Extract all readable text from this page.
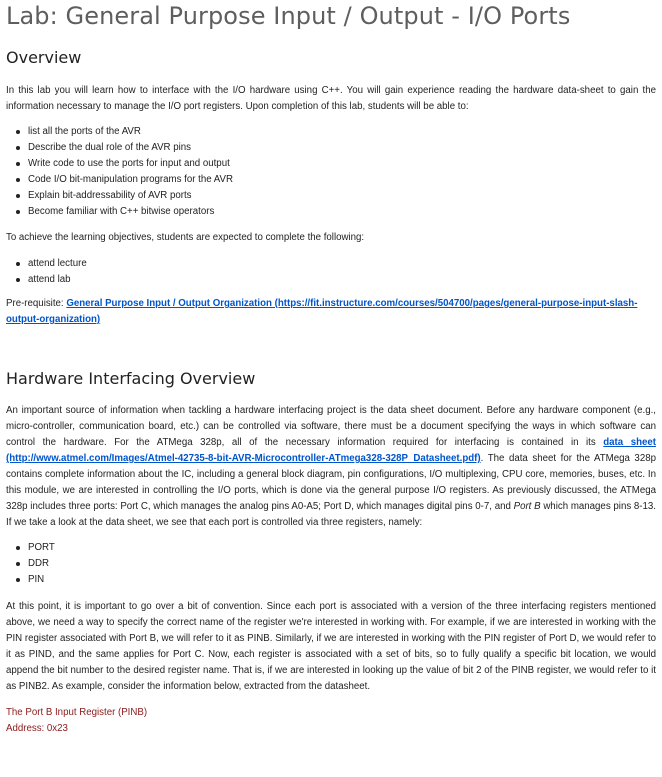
Lab: General Purpose Input / Output - I/O Ports
Overview

In this lab you will learn how to interface with the I/O hardware using C++. You will gain experience reading the hardware data-sheet to gain the information necessary to manage the I/O port registers. Upon completion of this lab, students will be able to:

list all the ports of the AVR
Describe the dual role of the AVR pins
Write code to use the ports for input and output
Code I/O bit-manipulation programs for the AVR
Explain bit-addressability of AVR ports
Become familiar with C++ bitwise operators

To achieve the learning objectives, students are expected to complete the following:

attend lecture
attend lab

Pre-requisite: General Purpose Input / Output Organization (https://fit.instructure.com/courses/504700/pages/general-purpose-input-slash-output-organization)

Hardware Interfacing Overview

An important source of information when tackling a hardware interfacing project is the data sheet document. Before any hardware component (e.g., micro-controller, communication board, etc.) can be controlled via software, there must be a document specifying the ways in which software can control the hardware. For the ATMega 328p, all of the necessary information required for interfacing is contained in its data sheet (http://www.atmel.com/Images/Atmel-42735-8-bit-AVR-Microcontroller-ATmega328-328P_Datasheet.pdf). The data sheet for the ATMega 328p contains complete information about the IC, including a general block diagram, pin configurations, I/O multiplexing, CPU core, memories, buses, etc. In this module, we are interested in controlling the I/O ports, which is done via the general purpose I/O registers. As previously discussed, the ATMega 328p includes three ports: Port C, which manages the analog pins A0-A5; Port D, which manages digital pins 0-7, and Port B which manages pins 8-13. If we take a look at the data sheet, we see that each port is controlled via three registers, namely:

PORT
DDR
PIN

At this point, it is important to go over a bit of convention. Since each port is associated with a version of the three interfacing registers mentioned above, we need a way to specify the correct name of the register we're interested in working with. For example, if we are interested in working with the PIN register associated with Port B, we will refer to it as PINB. Similarly, if we are interested in working with the PIN register of Port D, we would refer to it as PIND, and the same applies for Port C. Now, each register is associated with a set of bits, so to fully qualify a specific bit location, we would append the bit number to the desired register name. That is, if we are interested in looking up the value of bit 2 of the PINB register, we would refer to it as PINB2. As example, consider the information below, extracted from the datasheet.

The Port B Input Register (PINB)

Address: 0x23
